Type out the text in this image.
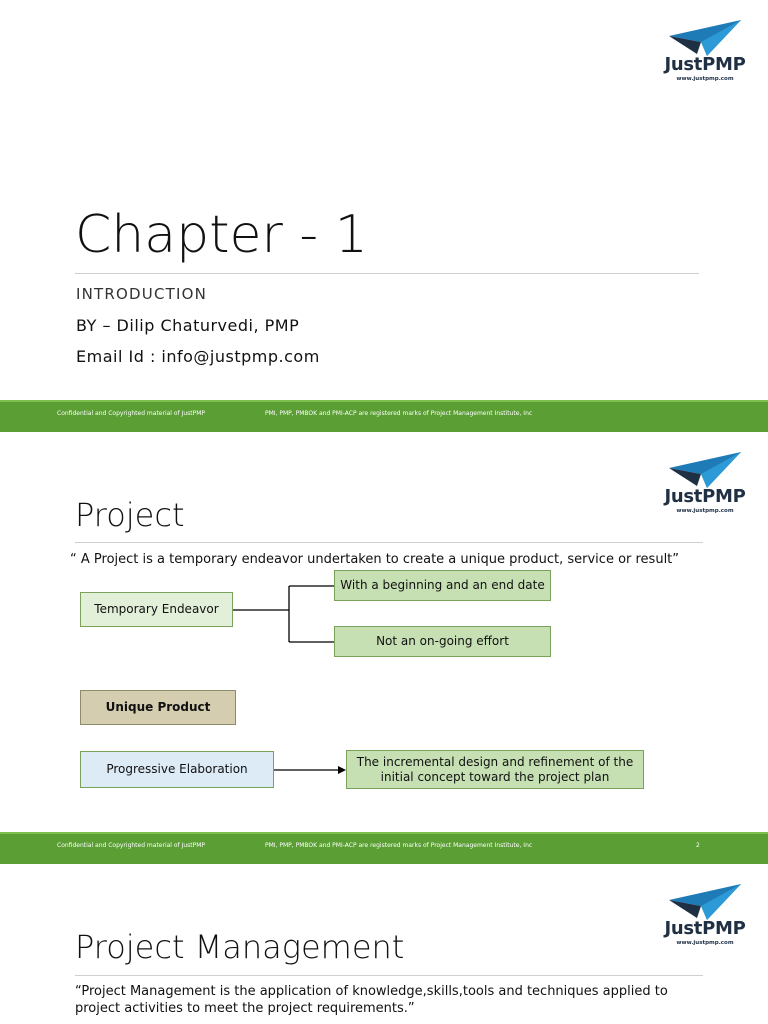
JustPMP
www.justpmp.com
Chapter - 1
INTRODUCTION
BY – Dilip Chaturvedi, PMP
Email Id : info@justpmp.com
Confidential and Copyrighted material of JustPMP	PMI, PMP, PMBOK and PMI-ACP are registered marks of Project Management Institute, Inc
JustPMP
www.justpmp.com
Project
“ A Project is a temporary endeavor undertaken to create a unique product, service or result”
Temporary Endeavor
With a beginning and an end date
Not an on-going effort
Unique Product
Progressive Elaboration
The incremental design and refinement of the initial concept toward the project plan
Confidential and Copyrighted material of JustPMP	PMI, PMP, PMBOK and PMI-ACP are registered marks of Project Management Institute, Inc	2
JustPMP
www.justpmp.com
Project Management
“Project Management is the application of knowledge,skills,tools and techniques applied to project activities to meet the project requirements.”
